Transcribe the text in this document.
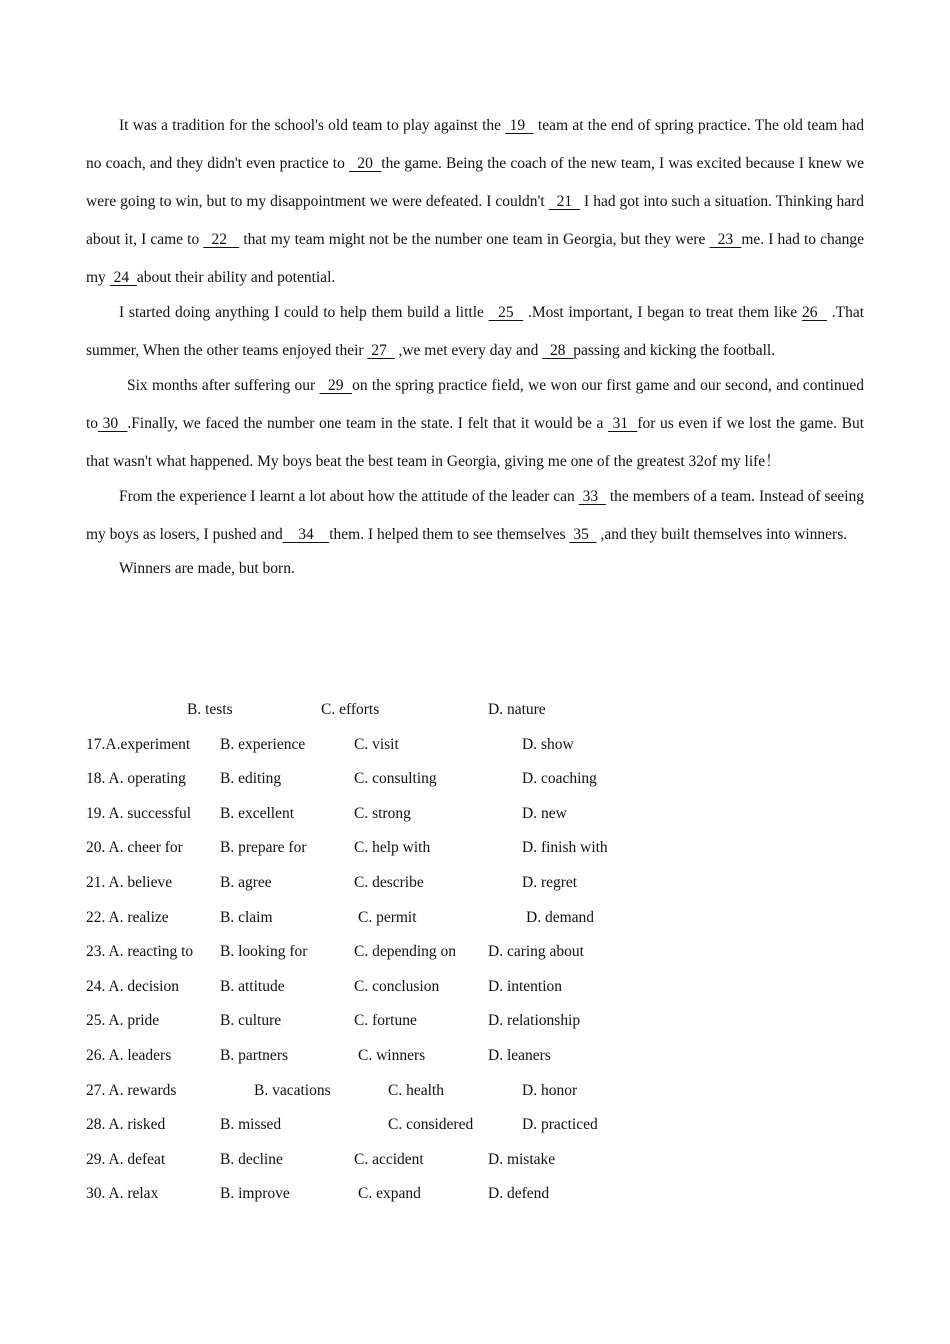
It was a tradition for the school's old team to play against the  19   team at the end of spring practice. The old team had no coach, and they didn't even practice to   20  the game. Being the coach of the new team, I was excited because I knew we were going to win, but to my disappointment we were defeated. I couldn't   21   I had got into such a situation. Thinking hard about it, I came to   22    that my team might not be the number one team in Georgia, but they were   23  me. I had to change my  24  about their ability and potential.

I started doing anything I could to help them build a little   25   .Most important, I began to treat them like 26   .That summer, When the other teams enjoyed their  27   ,we met every day and   28  passing and kicking the football.

Six months after suffering our   29  on the spring practice field, we won our first game and our second, and continued to 30  .Finally, we faced the number one team in the state. I felt that it would be a  31  for us even if we lost the game. But that wasn't what happened. My boys beat the best team in Georgia, giving me one of the greatest 32of my life！

From the experience I learnt a lot about how the attitude of the leader can  33   the members of a team. Instead of seeing my boys as losers, I pushed and    34    them. I helped them to see themselves  35   ,and they built themselves into winners.

Winners are made, but born.

B. tests	C. efforts	D. nature
17.A.experiment B. experience	C. visit	D. show
18. A. operating B. editing	C. consulting	D. coaching
19. A. successful B. excellent	C. strong	D. new
20. A. cheer for B. prepare for	C. help with	D. finish with
21. A. believe	B. agree	C. describe	D. regret
22. A. realize	B. claim	C. permit	D. demand
23. A. reacting to B. looking for	C. depending on D. caring about
24. A. decision	B. attitude	C. conclusion	D. intention
25. A. pride	B. culture	C. fortune	D. relationship
26. A. leaders	B. partners	C. winners	D. leaners
27. A. rewards	B. vacations	C. health	D. honor
28. A. risked	B. missed	C. considered	D. practiced
29. A. defeat	B. decline	C. accident	D. mistake
30. A. relax	B. improve	C. expand	D. defend
